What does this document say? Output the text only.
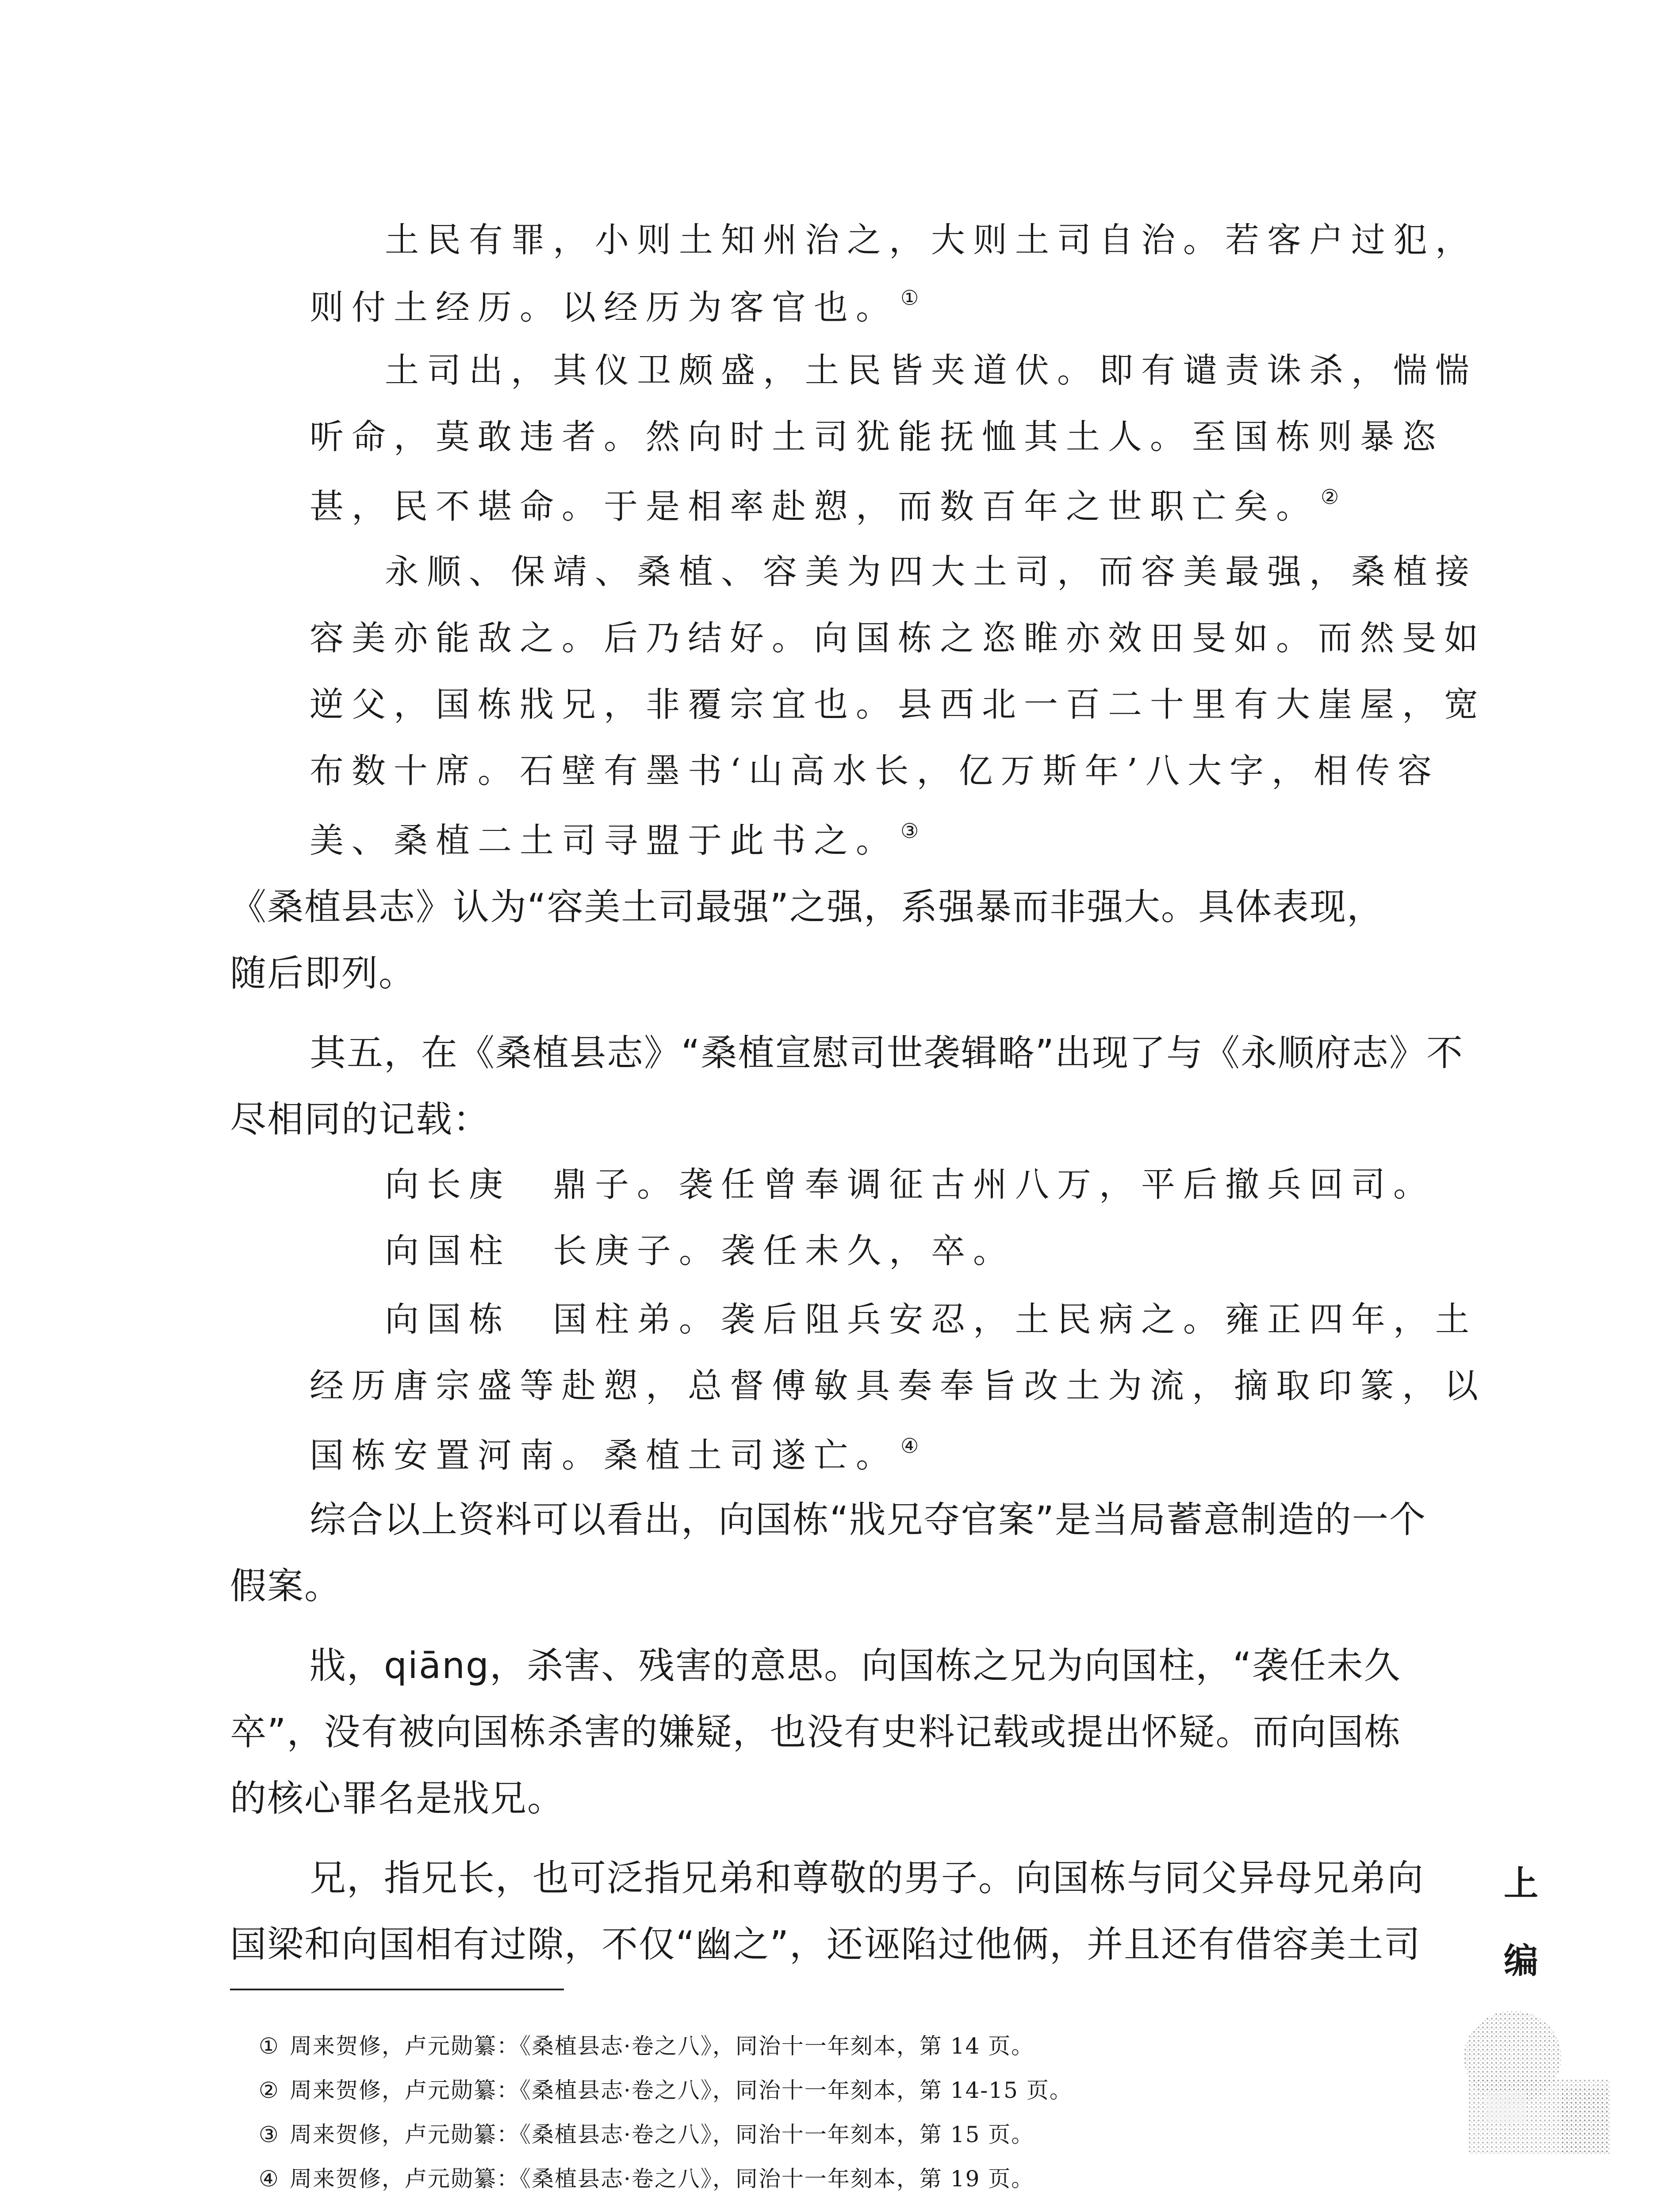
土民有罪，小则土知州治之，大则土司自治。若客户过犯，
则付土经历。以经历为客官也。 ①
土司出，其仪卫颇盛，土民皆夹道伏。即有谴责诛杀，惴惴
听命，莫敢违者。然向时土司犹能抚恤其土人。至国栋则暴恣
甚，民不堪命。于是相率赴愬，而数百年之世职亡矣。 ②
永顺、保靖、桑植、容美为四大土司，而容美最强，桑植接
容美亦能敌之。后乃结好。向国栋之恣睢亦效田旻如。而然旻如
逆父，国栋戕兄，非覆宗宜也。县西北一百二十里有大崖屋，宽
布数十席。石壁有墨书‘山高水长，亿万斯年’八大字，相传容
美、桑植二土司寻盟于此书之。 ③
《桑植县志》认为“容美土司最强”之强，系强暴而非强大。具体表现，
随后即列。
其五，在《桑植县志》“桑植宣慰司世袭辑略”出现了与《永顺府志》不
尽相同的记载：
向长庚　鼎子。袭任曾奉调征古州八万，平后撤兵回司。
向国柱　长庚子。袭任未久，卒。
向国栋　国柱弟。袭后阻兵安忍，土民病之。雍正四年，土
经历唐宗盛等赴愬，总督傅敏具奏奉旨改土为流，摘取印篆，以
国栋安置河南。桑植土司遂亡。 ④
综合以上资料可以看出，向国栋“戕兄夺官案”是当局蓄意制造的一个
假案。
戕，qiāng，杀害、残害的意思。向国栋之兄为向国柱，“袭任未久
卒”，没有被向国栋杀害的嫌疑，也没有史料记载或提出怀疑。而向国栋
的核心罪名是戕兄。
兄，指兄长，也可泛指兄弟和尊敬的男子。向国栋与同父异母兄弟向
国梁和向国相有过隙，不仅“幽之”，还诬陷过他俩，并且还有借容美土司
① 周来贺修，卢元勋纂：《桑植县志·卷之八》，同治十一年刻本，第 14 页。
② 周来贺修，卢元勋纂：《桑植县志·卷之八》，同治十一年刻本，第 14-15 页。
③ 周来贺修，卢元勋纂：《桑植县志·卷之八》，同治十一年刻本，第 15 页。
④ 周来贺修，卢元勋纂：《桑植县志·卷之八》，同治十一年刻本，第 19 页。
上
编
